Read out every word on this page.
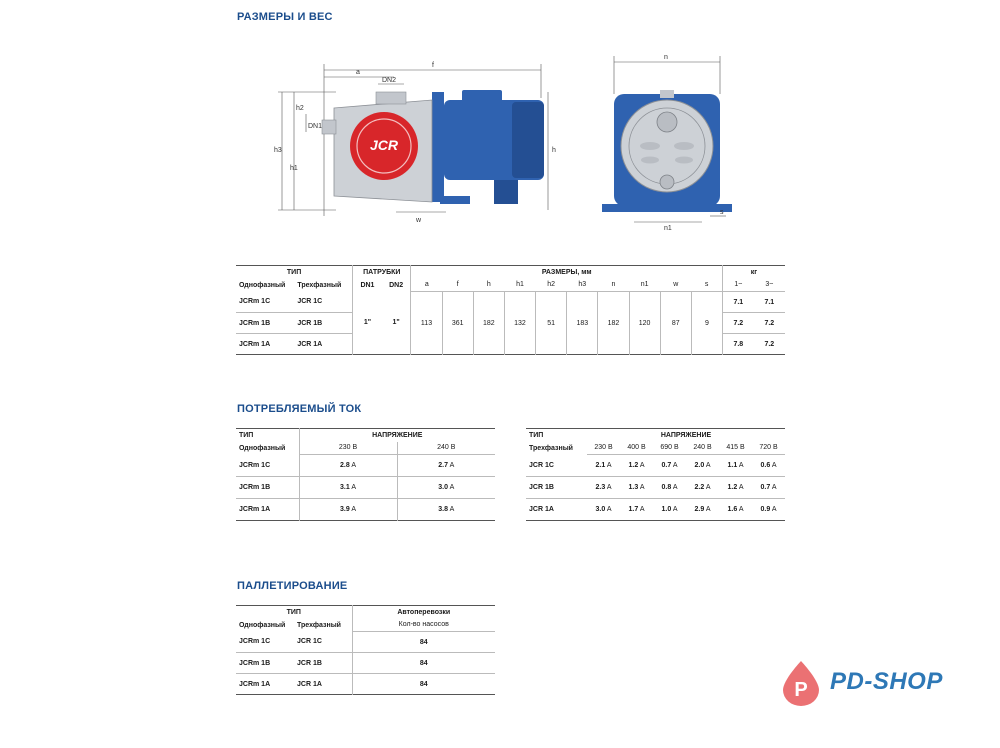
РАЗМЕРЫ И ВЕС
ПОТРЕБЛЯЕМЫЙ ТОК
ПАЛЛЕТИРОВАНИЕ
JCR
f
a
DN2
DN1
h2
h3
h1
h
w
n
n1
s
ТИП		ПАТРУБКИ		РАЗМЕРЫ, мм										кг	
Однофазный	Трехфазный	DN1	DN2	a	f	h	h1	h2	h3	n	n1	w	s	1~	3~
JCRm 1C	JCR 1C	1"	1"	113	361	182	132	51	183	182	120	87	9	7.1	7.1
JCRm 1B	JCR 1B													7.2	7.2
JCRm 1A	JCR 1A													7.8	7.2
ТИП	НАПРЯЖЕНИЕ	
Однофазный	230 В	240 В
JCRm 1C	2.8 A	2.7 A
JCRm 1B	3.1 A	3.0 A
JCRm 1A	3.9 A	3.8 A
ТИП	НАПРЯЖЕНИЕ					
Трехфазный	230 В	400 В	690 В	240 В	415 В	720 В
JCR 1C	2.1 A	1.2 A	0.7 A	2.0 A	1.1 A	0.6 A
JCR 1B	2.3 A	1.3 A	0.8 A	2.2 A	1.2 A	0.7 A
JCR 1A	3.0 A	1.7 A	1.0 A	2.9 A	1.6 A	0.9 A
ТИП		Автоперевозки
Однофазный	Трехфазный	Кол-во насосов
JCRm 1C	JCR 1C	84
JCRm 1B	JCR 1B	84
JCRm 1A	JCR 1A	84	P PD-SHOP
